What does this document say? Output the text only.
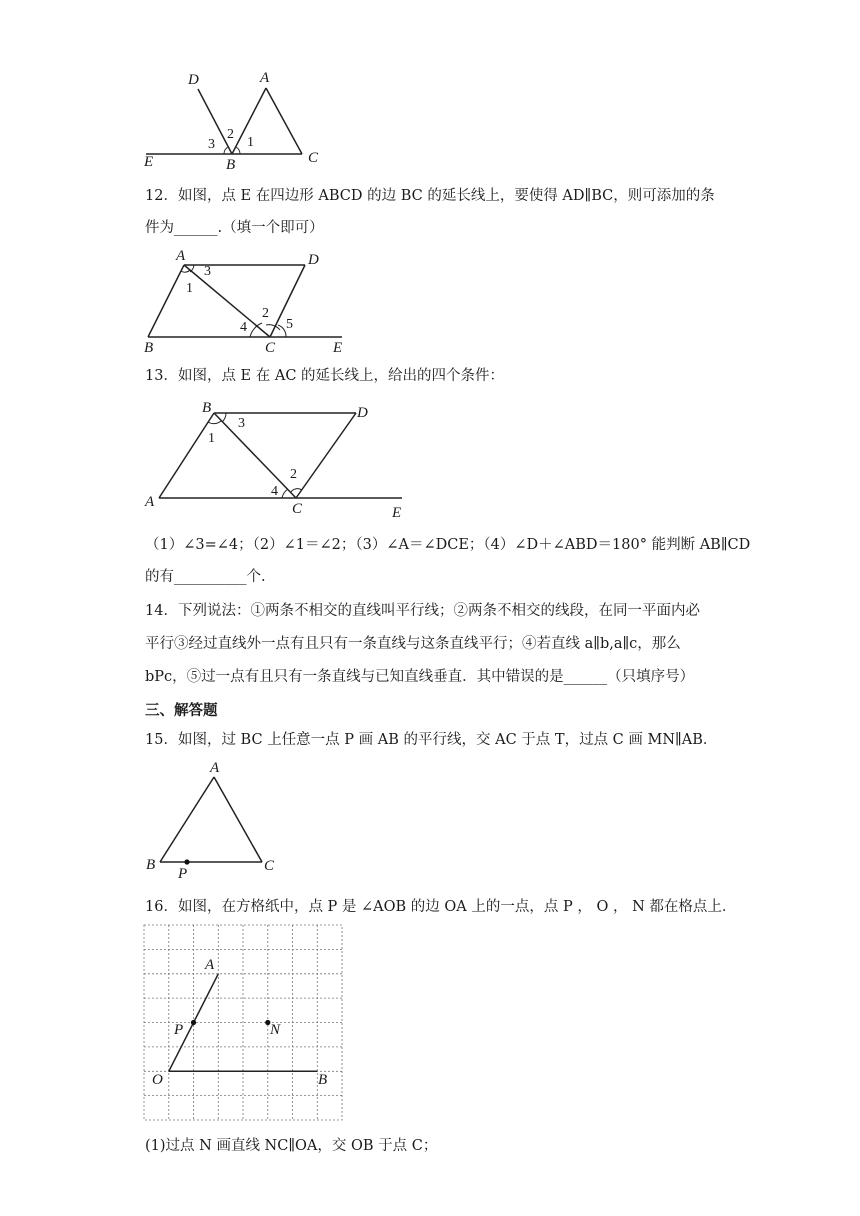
D	A
3
2
1
E	B	C
12．如图，点 E 在四边形 ABCD 的边 BC 的延长线上，要使得 AD∥BC，则可添加的条
件为______.（填一个即可）
A	D
3
1
2
4	5
B	C	E
13．如图，点 E 在 AC 的延长线上，给出的四个条件：
B	D
3
1
2
4
A	C	E
（1）∠3=∠4；（2）∠1＝∠2；（3）∠A＝∠DCE；（4）∠D＋∠ABD＝180° 能判断 AB∥CD
的有__________个.
14．下列说法：①两条不相交的直线叫平行线；②两条不相交的线段，在同一平面内必
平行③经过直线外一点有且只有一条直线与这条直线平行；④若直线 a∥b,a∥c，那么
bPc，⑤过一点有且只有一条直线与已知直线垂直．其中错误的是______（只填序号）
三、解答题
15．如图，过 BC 上任意一点 P 画 AB 的平行线，交 AC 于点 T，过点 C 画 MN∥AB．
A
B	C
P
16．如图，在方格纸中，点 P 是 ∠AOB 的边 OA 上的一点，点 P ， O ， N 都在格点上．
A
P	N
O	B
(1)过点 N 画直线 NC∥OA，交 OB 于点 C；
